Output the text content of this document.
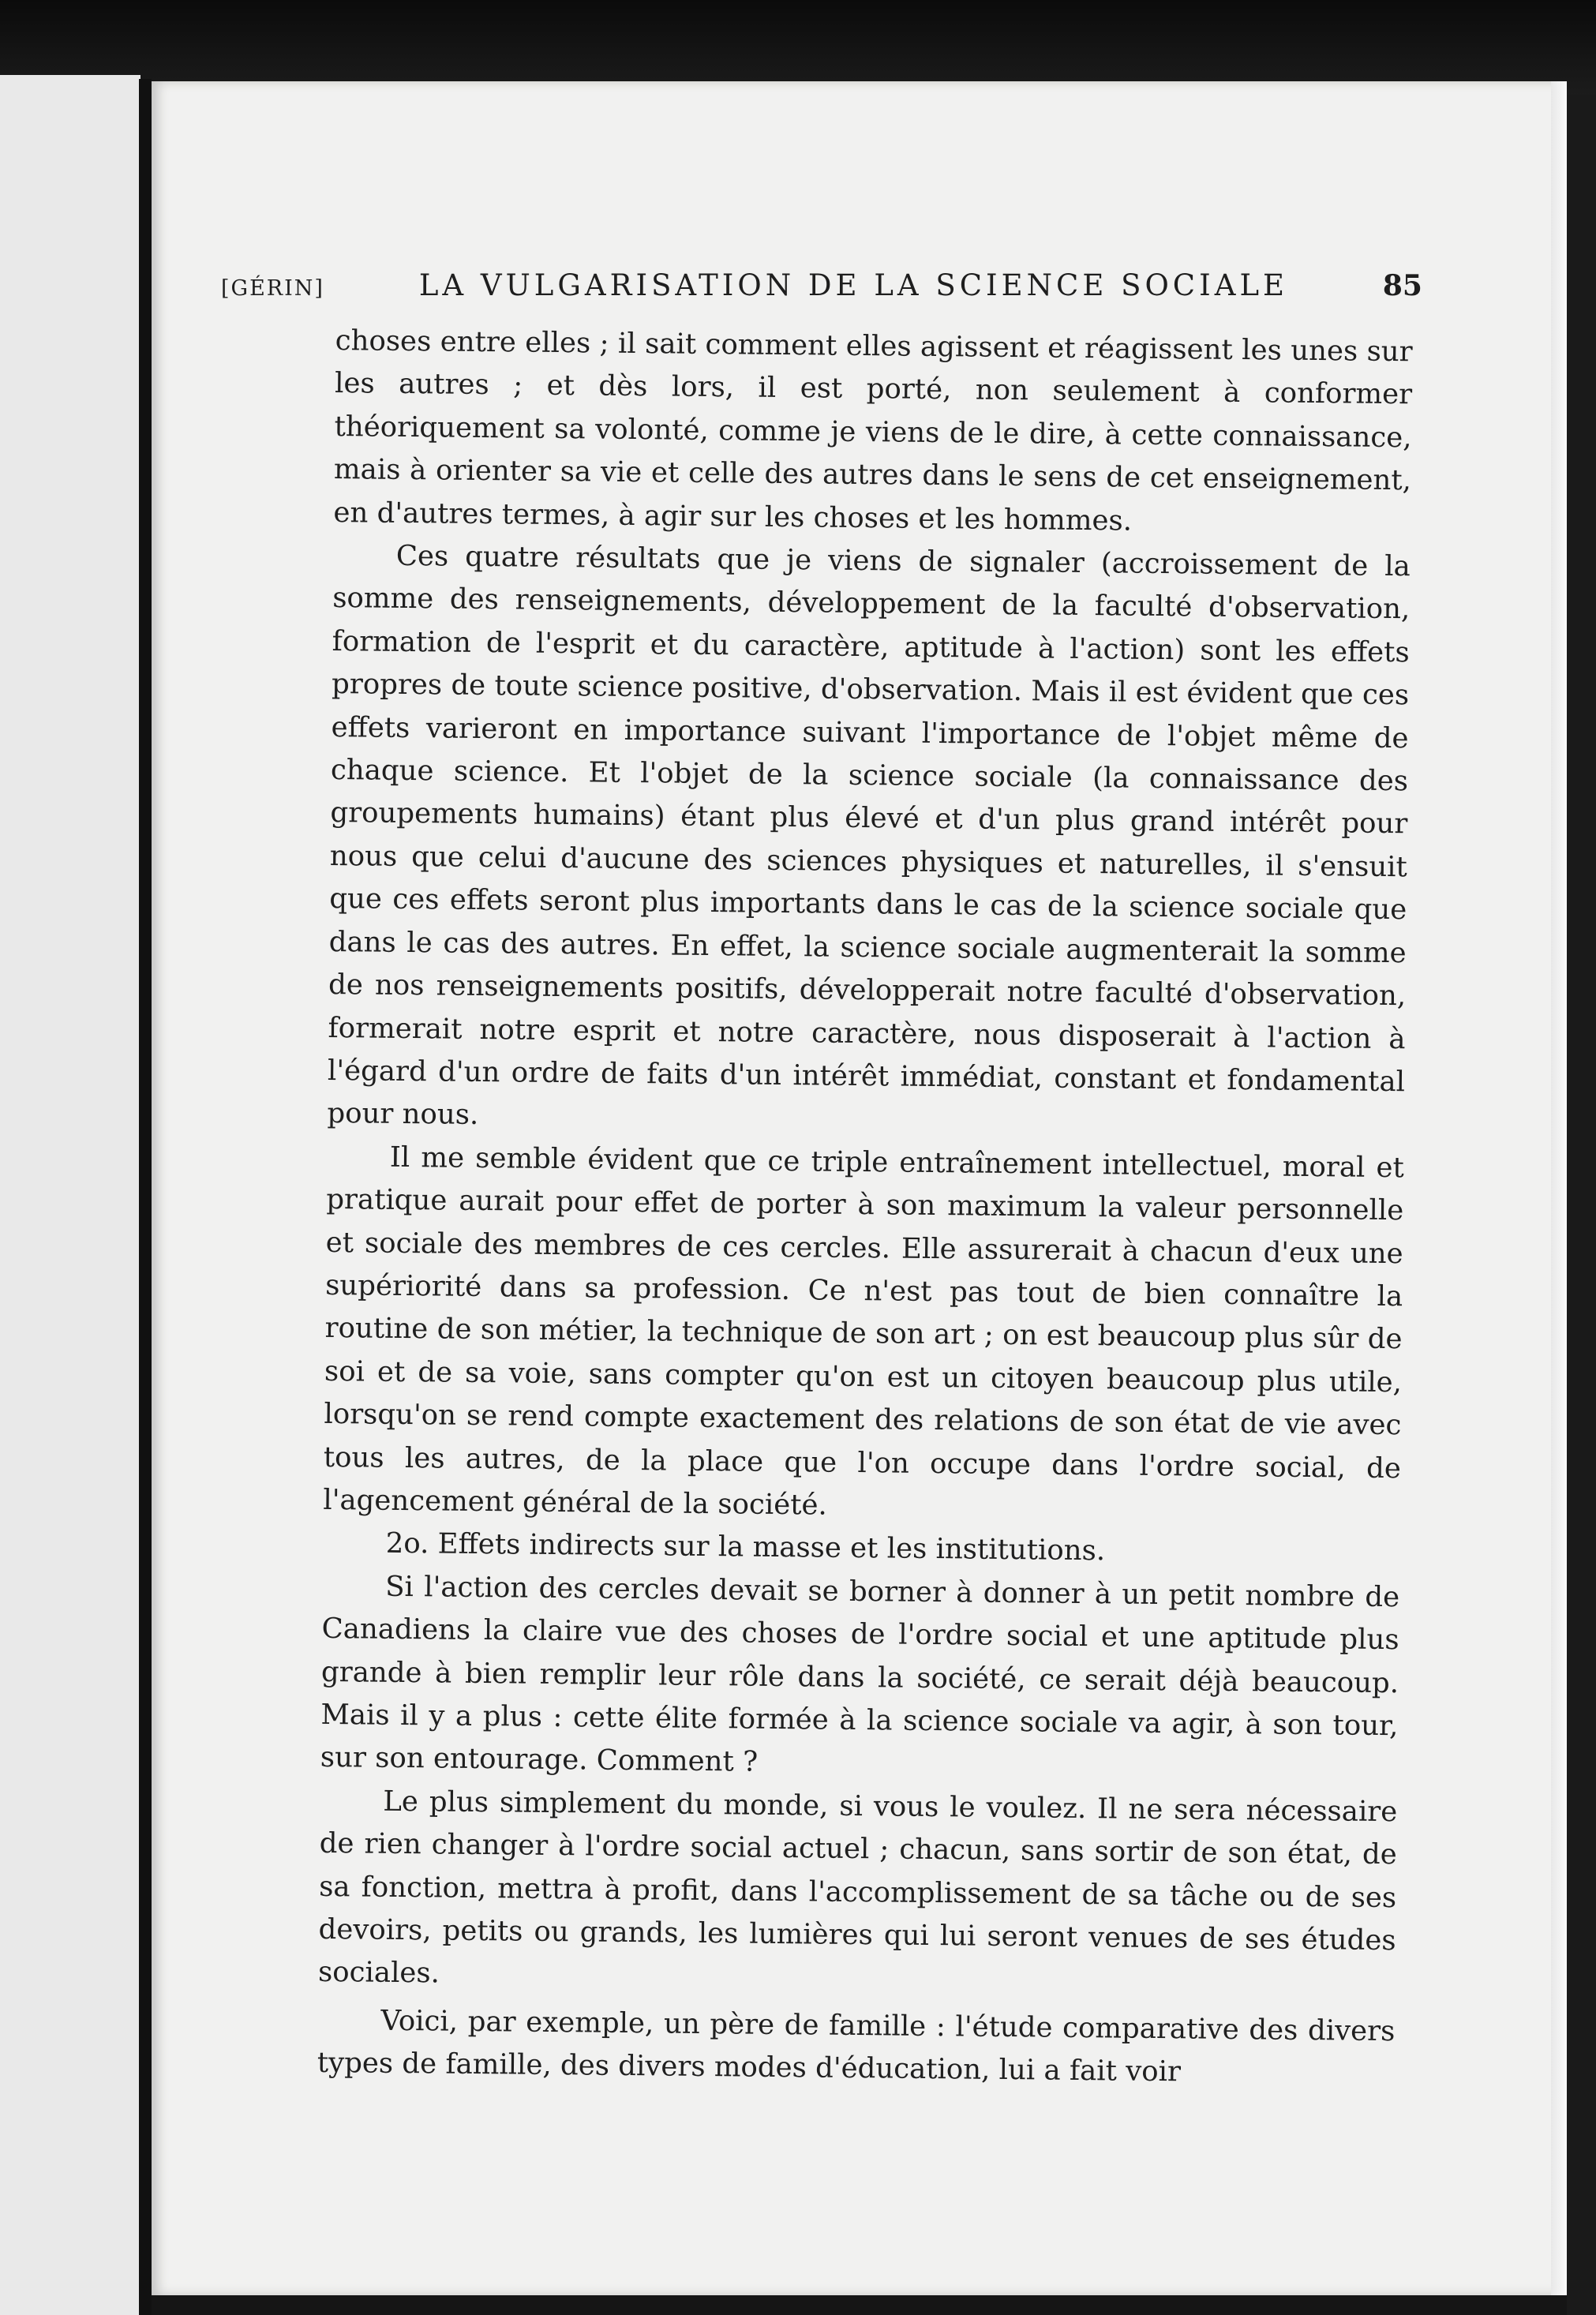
[GÉRIN]	LA VULGARISATION DE LA SCIENCE SOCIALE	85

choses entre elles ; il sait comment elles agissent et réagissent les unes sur les autres ; et dès lors, il est porté, non seulement à conformer théoriquement sa volonté, comme je viens de le dire, à cette connaissance, mais à orienter sa vie et celle des autres dans le sens de cet enseignement, en d'autres termes, à agir sur les choses et les hommes.

Ces quatre résultats que je viens de signaler (accroissement de la somme des renseignements, développement de la faculté d'observation, formation de l'esprit et du caractère, aptitude à l'action) sont les effets propres de toute science positive, d'observation. Mais il est évident que ces effets varieront en importance suivant l'importance de l'objet même de chaque science. Et l'objet de la science sociale (la connaissance des groupements humains) étant plus élevé et d'un plus grand intérêt pour nous que celui d'aucune des sciences physiques et naturelles, il s'ensuit que ces effets seront plus importants dans le cas de la science sociale que dans le cas des autres. En effet, la science sociale augmenterait la somme de nos renseignements positifs, développerait notre faculté d'observation, formerait notre esprit et notre caractère, nous disposerait à l'action à l'égard d'un ordre de faits d'un intérêt immédiat, constant et fondamental pour nous.

Il me semble évident que ce triple entraînement intellectuel, moral et pratique aurait pour effet de porter à son maximum la valeur personnelle et sociale des membres de ces cercles. Elle assurerait à chacun d'eux une supériorité dans sa profession. Ce n'est pas tout de bien connaître la routine de son métier, la technique de son art ; on est beaucoup plus sûr de soi et de sa voie, sans compter qu'on est un citoyen beaucoup plus utile, lorsqu'on se rend compte exactement des relations de son état de vie avec tous les autres, de la place que l'on occupe dans l'ordre social, de l'agencement général de la société.

2o. Effets indirects sur la masse et les institutions.

Si l'action des cercles devait se borner à donner à un petit nombre de Canadiens la claire vue des choses de l'ordre social et une aptitude plus grande à bien remplir leur rôle dans la société, ce serait déjà beaucoup. Mais il y a plus : cette élite formée à la science sociale va agir, à son tour, sur son entourage. Comment ?

Le plus simplement du monde, si vous le voulez. Il ne sera nécessaire de rien changer à l'ordre social actuel ; chacun, sans sortir de son état, de sa fonction, mettra à profit, dans l'accomplissement de sa tâche ou de ses devoirs, petits ou grands, les lumières qui lui seront venues de ses études sociales.

Voici, par exemple, un père de famille : l'étude comparative des divers types de famille, des divers modes d'éducation, lui a fait voir
